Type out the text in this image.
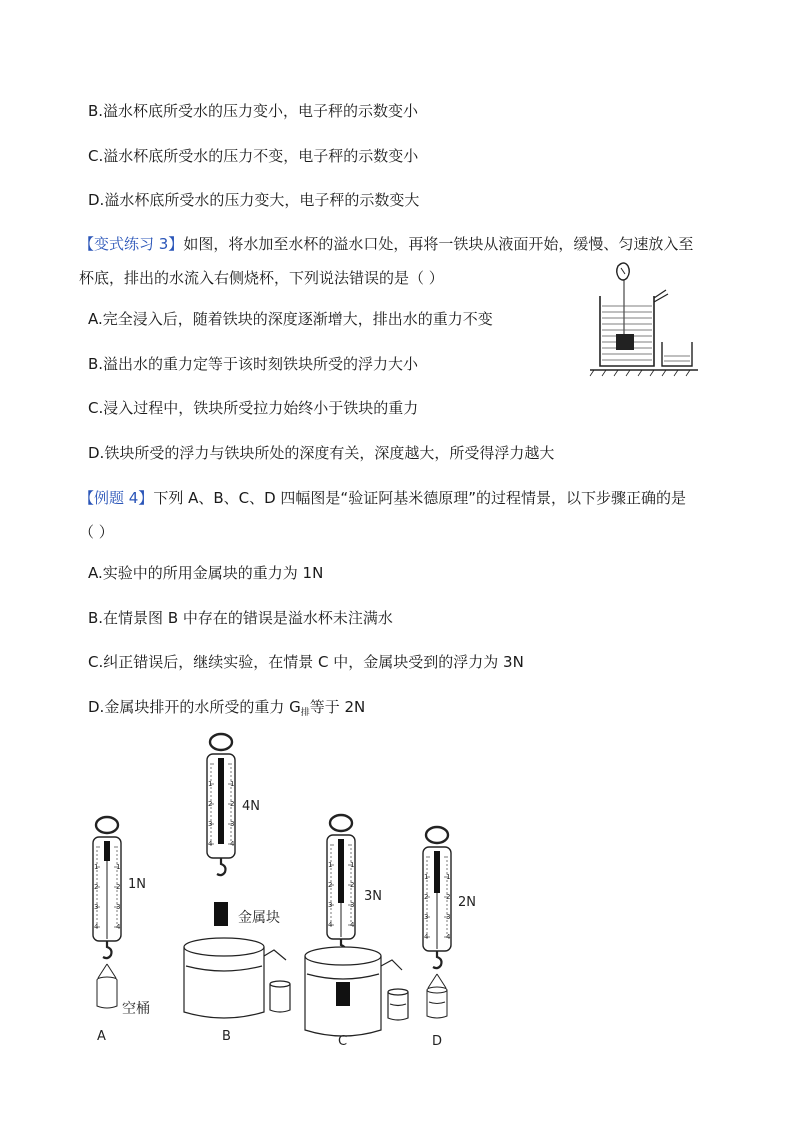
B.溢水杯底所受水的压力变小，电子秤的示数变小
C.溢水杯底所受水的压力不变，电子秤的示数变小
D.溢水杯底所受水的压力变大，电子秤的示数变大
【变式练习 3】如图，将水加至水杯的溢水口处，再将一铁块从液面开始，缓慢、匀速放入至
杯底，排出的水流入右侧烧杯，下列说法错误的是（ ）
A.完全浸入后，随着铁块的深度逐渐增大，排出水的重力不变
B.溢出水的重力定等于该时刻铁块所受的浮力大小
C.浸入过程中，铁块所受拉力始终小于铁块的重力
D.铁块所受的浮力与铁块所处的深度有关，深度越大，所受得浮力越大
【例题 4】下列 A、B、C、D 四幅图是“验证阿基米德原理”的过程情景，以下步骤正确的是
（ ）
A.实验中的所用金属块的重力为 1N
B.在情景图 B 中存在的错误是溢水杯未注满水
C.纠正错误后，继续实验，在情景 C 中，金属块受到的浮力为 3N
D.金属块排开的水所受的重力 $G_排$等于 2N
1
2
3
4
1
2
3
4
1N
空桶
A
1
2
3
4
1
2
3
4
4N
金属块
B
1
2
3
4
1
2
3
4
3N
C
1
2
3
4
1
2
3
4
2N
D
